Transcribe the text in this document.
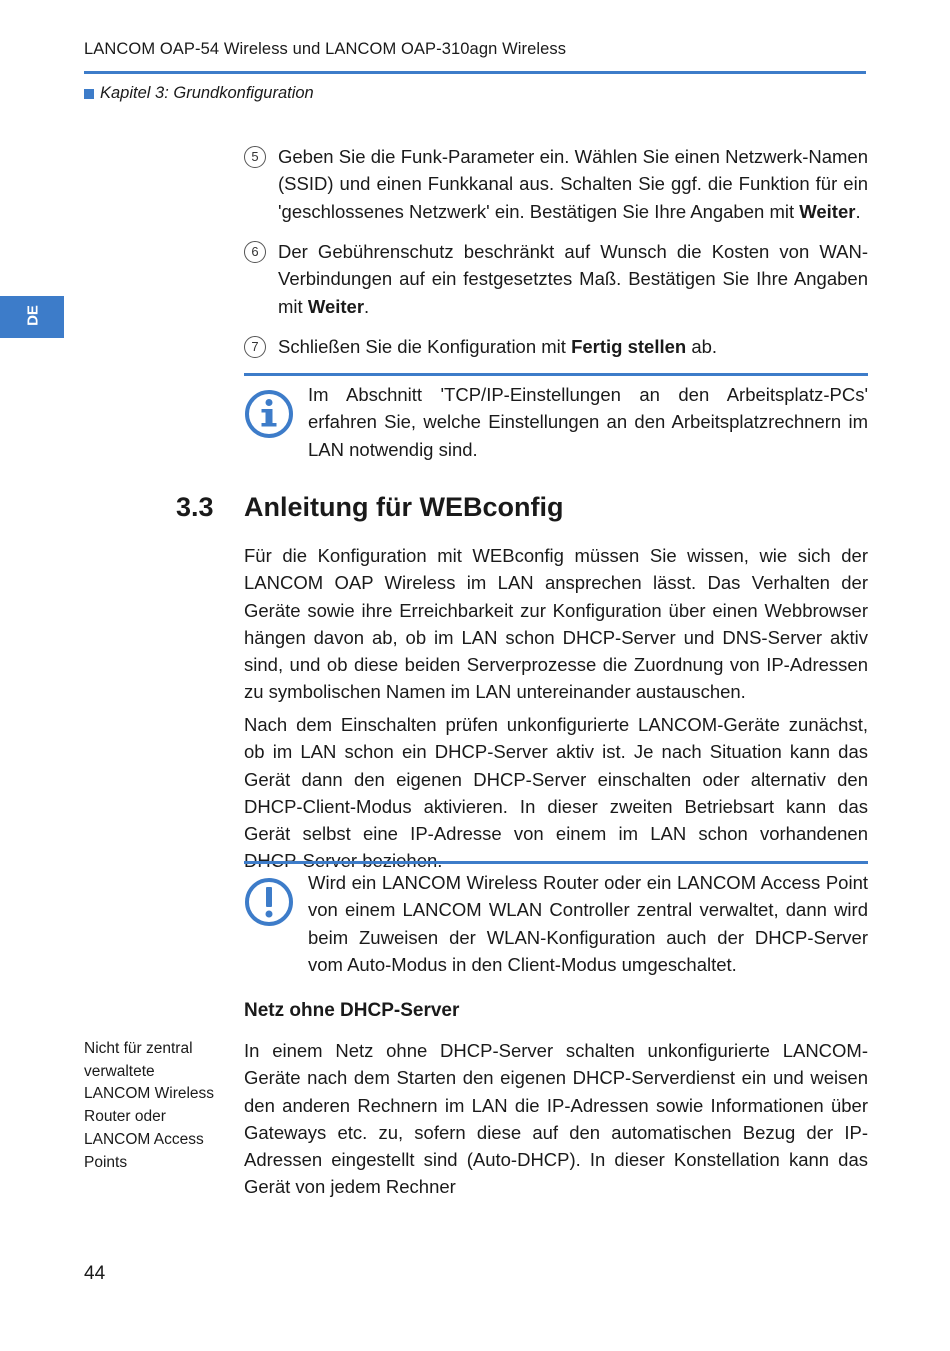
LANCOM OAP-54 Wireless und LANCOM OAP-310agn Wireless
Kapitel 3: Grundkonfiguration
DE
5	Geben Sie die Funk-Parameter ein. Wählen Sie einen Netzwerk-Namen (SSID) und einen Funkkanal aus. Schalten Sie ggf. die Funktion für ein 'geschlossenes Netzwerk' ein. Bestätigen Sie Ihre Angaben mit Weiter.
6	Der Gebührenschutz beschränkt auf Wunsch die Kosten von WAN-Verbindungen auf ein festgesetztes Maß. Bestätigen Sie Ihre Angaben mit Weiter.
7	Schließen Sie die Konfiguration mit Fertig stellen ab.
Im Abschnitt 'TCP/IP-Einstellungen an den Arbeitsplatz-PCs' erfahren Sie, welche Einstellungen an den Arbeitsplatzrechnern im LAN notwendig sind.
3.3 Anleitung für WEBconfig
Für die Konfiguration mit WEBconfig müssen Sie wissen, wie sich der LANCOM OAP Wireless im LAN ansprechen lässt. Das Verhalten der Geräte sowie ihre Erreichbarkeit zur Konfiguration über einen Webbrowser hängen davon ab, ob im LAN schon DHCP-Server und DNS-Server aktiv sind, und ob diese beiden Serverprozesse die Zuordnung von IP-Adressen zu symbolischen Namen im LAN untereinander austauschen.
Nach dem Einschalten prüfen unkonfigurierte LANCOM-Geräte zunächst, ob im LAN schon ein DHCP-Server aktiv ist. Je nach Situation kann das Gerät dann den eigenen DHCP-Server einschalten oder alternativ den DHCP-Client-Modus aktivieren. In dieser zweiten Betriebsart kann das Gerät selbst eine IP-Adresse von einem im LAN schon vorhandenen
Wird ein LANCOM Wireless Router oder ein LANCOM Access Point von einem LANCOM WLAN Controller zentral verwaltet, dann wird beim Zuweisen der WLAN-Konfiguration auch der DHCP-Server vom Auto-Modus in den Client-Modus umgeschaltet.
Netz ohne DHCP-Server
Nicht für zentral verwaltete LANCOM Wireless Router oder LANCOM Access Points
In einem Netz ohne DHCP-Server schalten unkonfigurierte LANCOM-Geräte nach dem Starten den eigenen DHCP-Serverdienst ein und weisen den anderen Rechnern im LAN die IP-Adressen sowie Informationen über Gateways etc. zu, sofern diese auf den automatischen Bezug der IP-Adressen eingestellt sind (Auto-DHCP). In dieser Konstellation kann das Gerät von jedem Rechner
44
